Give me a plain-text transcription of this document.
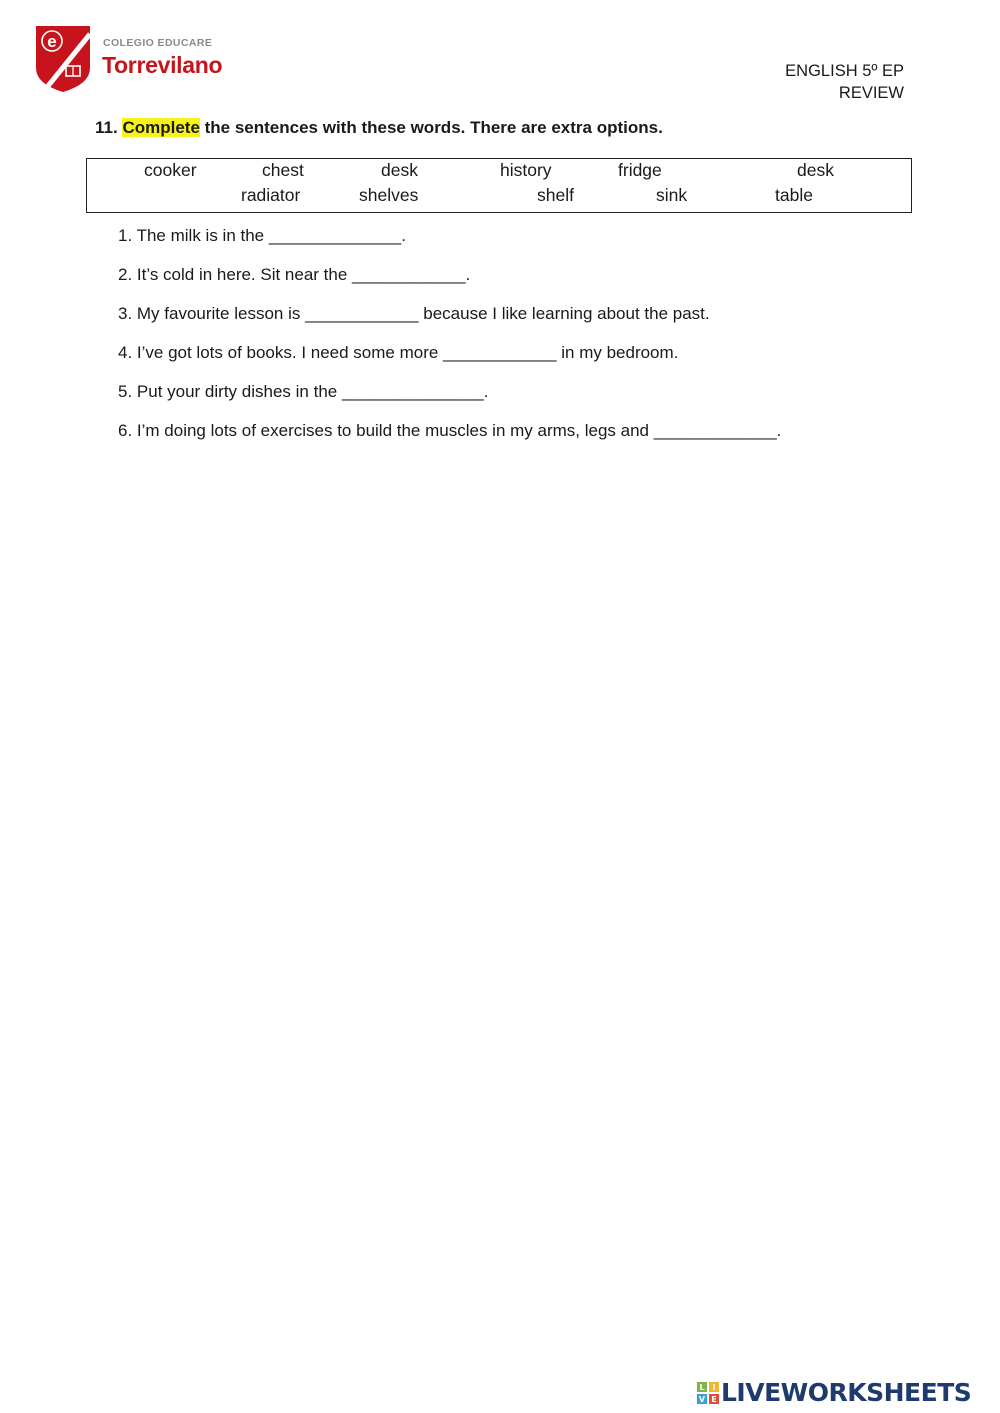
e	COLEGIO EDUCARE
Torrevilano	ENGLISH 5º EP
REVIEW
11. Complete the sentences with these words. There are extra options.
cooker	chest	desk	history	fridge	desk
radiator	shelves	shelf	sink	table
1. The milk is in the ______________.
2. It’s cold in here. Sit near the ____________.
3. My favourite lesson is ____________ because I like learning about the past.
4. I’ve got lots of books. I need some more ____________ in my bedroom.
5. Put your dirty dishes in the _______________.
6. I’m doing lots of exercises to build the muscles in my arms, legs and _____________.
L I
V E LIVEWORKSHEETS
